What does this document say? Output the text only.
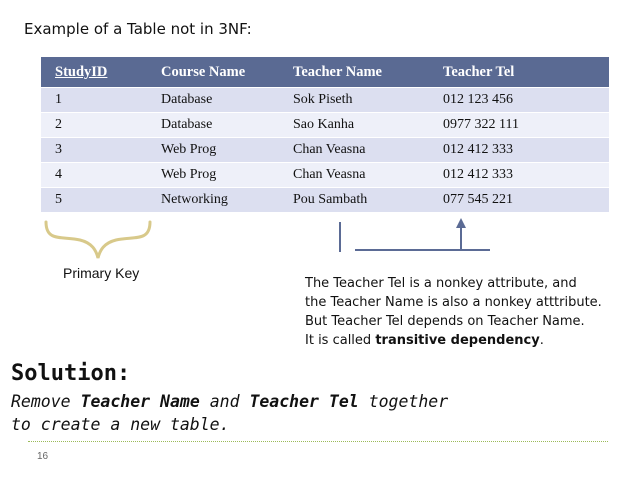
Example of a Table not in 3NF:
StudyID	Course Name	Teacher Name	Teacher Tel
1	Database	Sok Piseth	012 123 456
2	Database	Sao Kanha	0977 322 111
3	Web Prog	Chan Veasna	012 412 333
4	Web Prog	Chan Veasna	012 412 333
5	Networking	Pou Sambath	077 545 221
Primary Key
The Teacher Tel is a nonkey attribute, and
the Teacher Name is also a nonkey atttribute.
But Teacher Tel depends on Teacher Name.
It is called transitive dependency.
Solution:
Remove Teacher Name and Teacher Tel together
to create a new table.
16
